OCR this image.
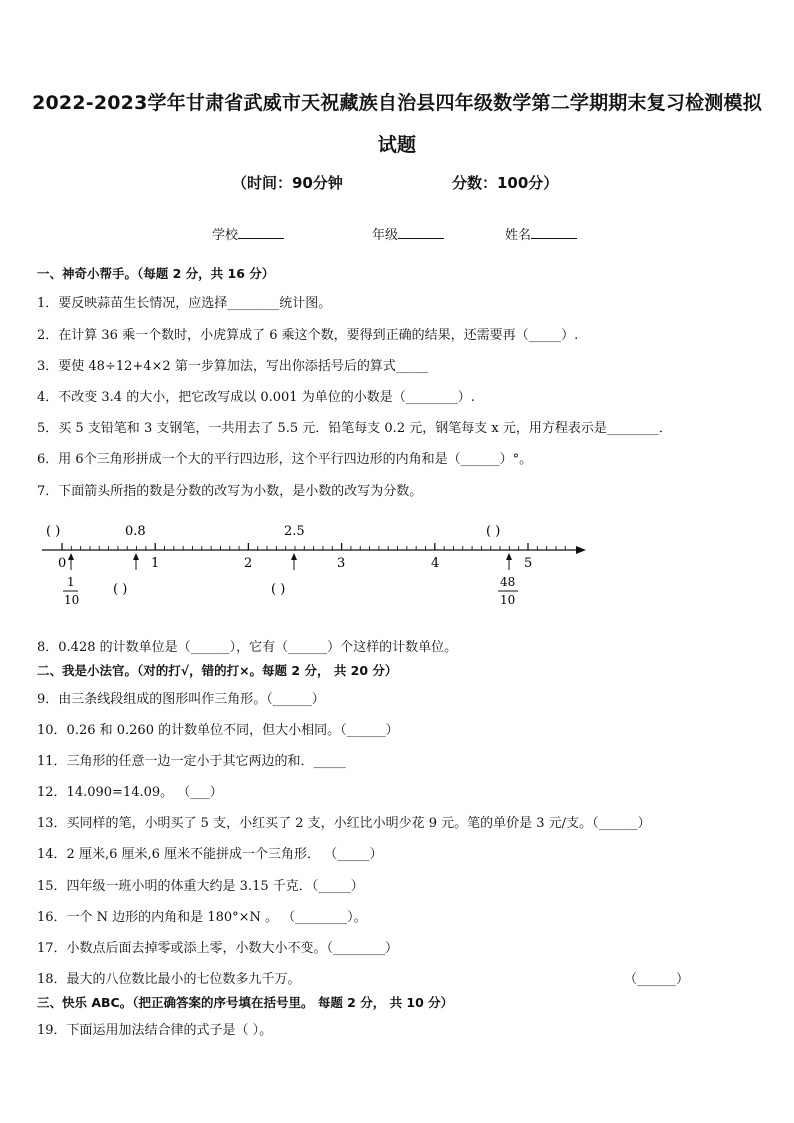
2022-2023学年甘肃省武威市天祝藏族自治县四年级数学第二学期期末复习检测模拟
试题
（时间：90分钟	分数：100分）
学校	年级	姓名
一、神奇小帮手。（每题 2 分，共 16 分）
1．要反映蒜苗生长情况，应选择________统计图。
2．在计算 36 乘一个数时，小虎算成了 6 乘这个数，要得到正确的结果，还需要再（_____）.
3．要使 48÷12+4×2 第一步算加法，写出你添括号后的算式_____
4．不改变 3.4 的大小，把它改写成以 0.001 为单位的小数是（________）.
5．买 5 支铅笔和 3 支钢笔，一共用去了 5.5 元．铅笔每支 0.2 元，钢笔每支 x 元，用方程表示是________．
6．用 6个三角形拼成一个大的平行四边形，这个平行四边形的内角和是（______）°。
7．下面箭头所指的数是分数的改写为小数，是小数的改写为分数。
( )	0.8	2.5	( )
0	1	2	3	4	5
1
10
( )	( )	48
10
8．0.428 的计数单位是（______），它有（______）个这样的计数单位。
二、我是小法官。（对的打√，错的打×。每题 2 分， 共 20 分）
9．由三条线段组成的图形叫作三角形。（______）
10．0.26 和 0.260 的计数单位不同，但大小相同。（______）
11．三角形的任意一边一定小于其它两边的和．_____
12．14.090=14.09。 （___）
13．买同样的笔，小明买了 5 支，小红买了 2 支，小红比小明少花 9 元。笔的单价是 3 元/支。（______）
14．2 厘米,6 厘米,6 厘米不能拼成一个三角形． （_____）
15．四年级一班小明的体重大约是 3.15 千克．（_____）
16．一个 N 边形的内角和是 180°×N 。 （________）。
17．小数点后面去掉零或添上零，小数大小不变。（________）
18．最大的八位数比最小的七位数多九千万。	（______）
三、快乐 ABC。（把正确答案的序号填在括号里。 每题 2 分， 共 10 分）
19．下面运用加法结合律的式子是（ ）。
